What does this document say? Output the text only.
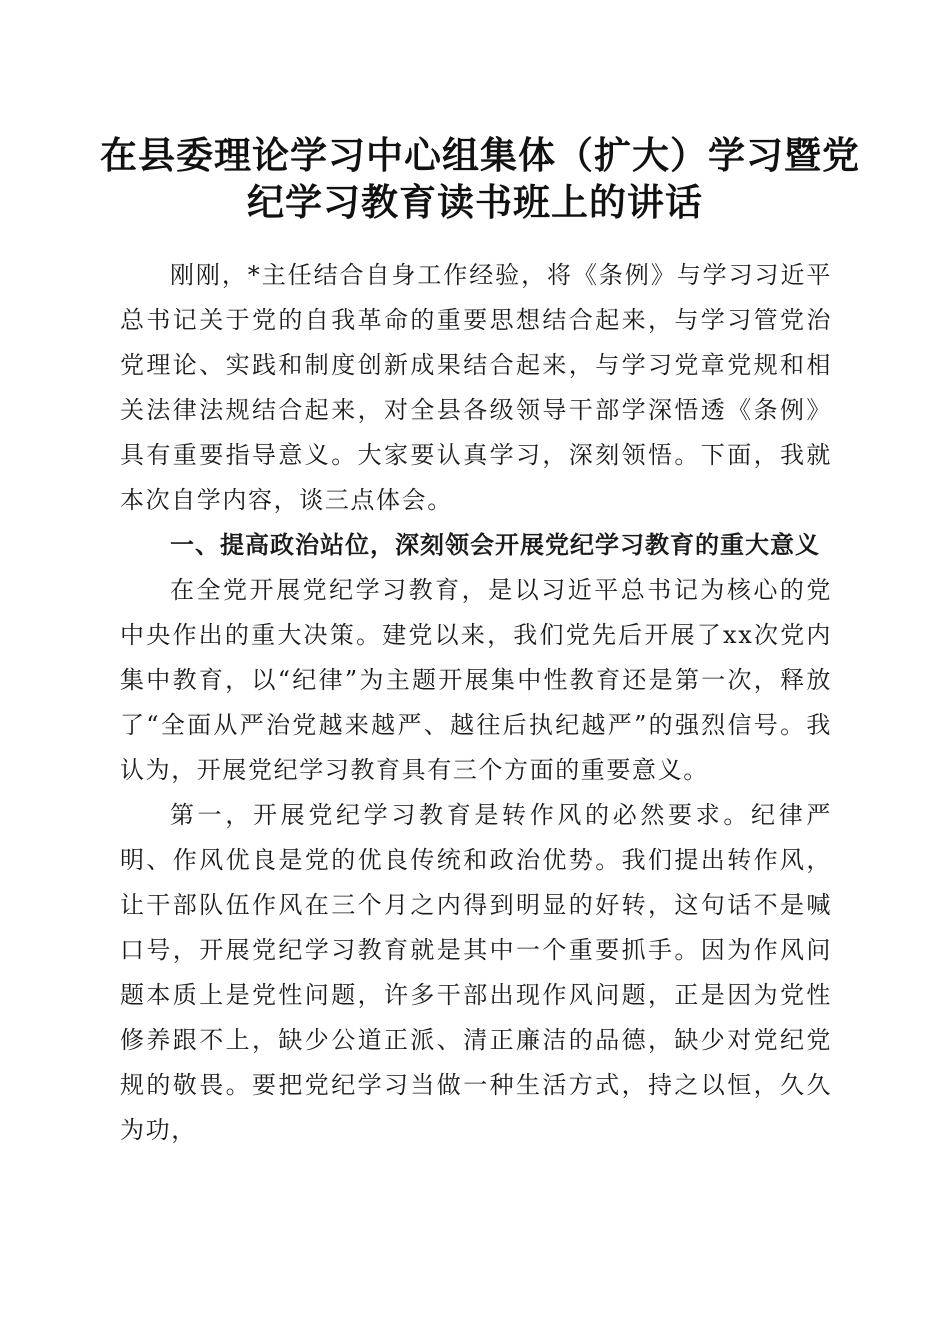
在县委理论学习中心组集体（扩大）学习暨党
纪学习教育读书班上的讲话

刚刚，*主任结合自身工作经验，将《条例》与学习习近平总书记关于党的自我革命的重要思想结合起来，与学习管党治党理论、实践和制度创新成果结合起来，与学习党章党规和相关法律法规结合起来，对全县各级领导干部学深悟透《条例》具有重要指导意义。大家要认真学习，深刻领悟。下面，我就本次自学内容，谈三点体会。

一、提高政治站位，深刻领会开展党纪学习教育的重大意义

在全党开展党纪学习教育，是以习近平总书记为核心的党中央作出的重大决策。建党以来，我们党先后开展了xx次党内集中教育，以“纪律”为主题开展集中性教育还是第一次，释放了“全面从严治党越来越严、越往后执纪越严”的强烈信号。我认为，开展党纪学习教育具有三个方面的重要意义。

第一，开展党纪学习教育是转作风的必然要求。纪律严明、作风优良是党的优良传统和政治优势。我们提出转作风，让干部队伍作风在三个月之内得到明显的好转，这句话不是喊口号，开展党纪学习教育就是其中一个重要抓手。因为作风问题本质上是党性问题，许多干部出现作风问题，正是因为党性修养跟不上，缺少公道正派、清正廉洁的品德，缺少对党纪党规的敬畏。要把党纪学习当做一种生活方式，持之以恒，久久为功，
